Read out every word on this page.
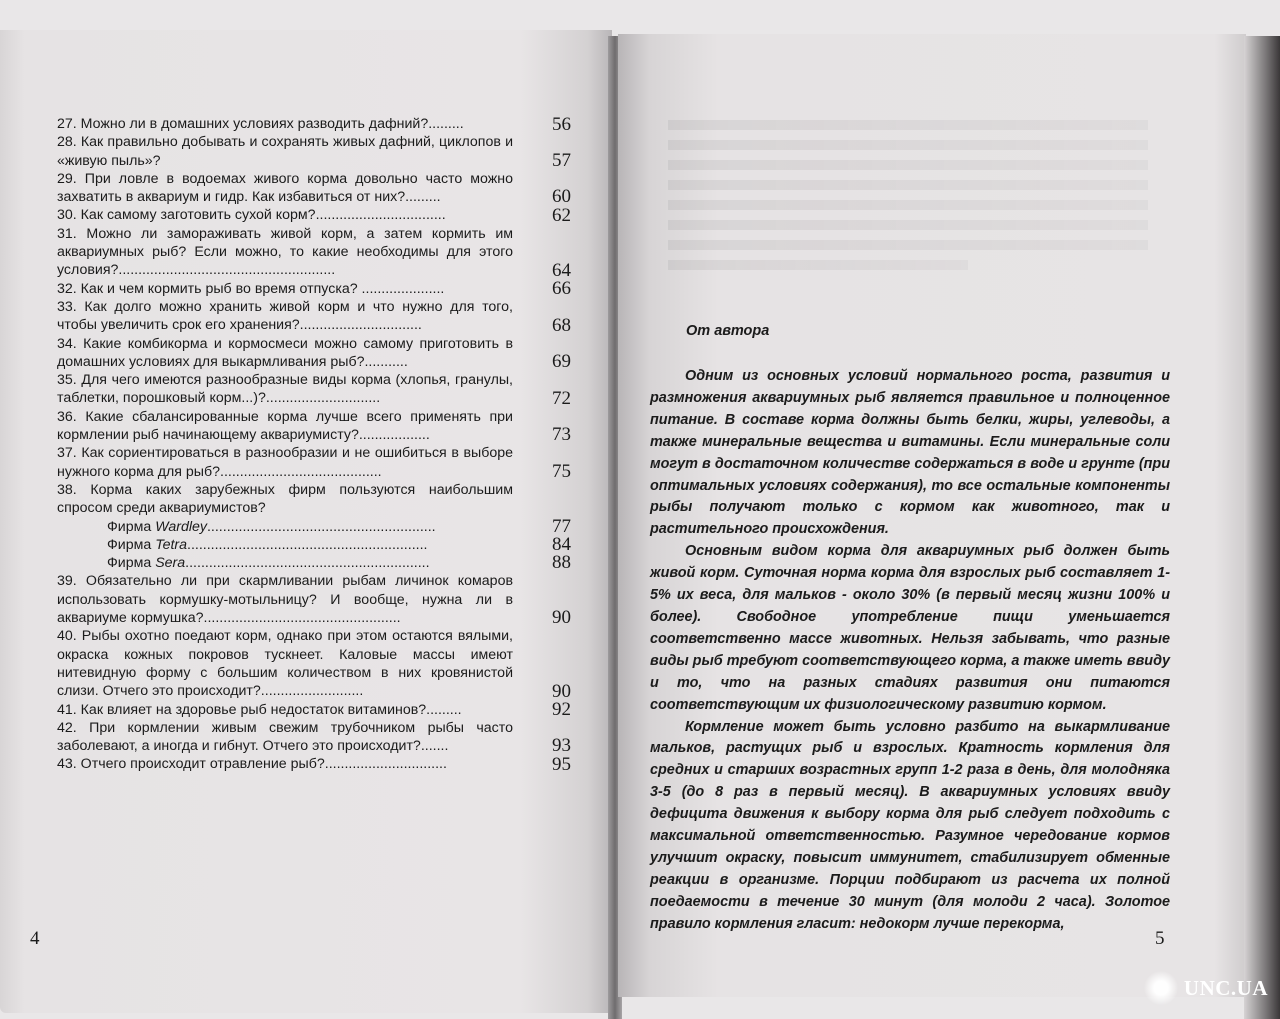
27. Можно ли в домашних условиях разводить дафний?.........	56
28. Как правильно добывать и сохранять живых дафний, циклопов и «живую пыль»?	57
29. При ловле в водоемах живого корма довольно часто можно захватить в аквариум и гидр. Как избавиться от них?.........	60
30. Как самому заготовить сухой корм?.................................	62
31. Можно ли замораживать живой корм, а затем кормить им аквариумных рыб? Если можно, то какие необходимы для этого условия?.......................................................	64
32. Как и чем кормить рыб во время отпуска? .....................	66
33. Как долго можно хранить живой корм и что нужно для того, чтобы увеличить срок его хранения?...............................	68
34. Какие комбикорма и кормосмеси можно самому приготовить в домашних условиях для выкармливания рыб?...........	69
35. Для чего имеются разнообразные виды корма (хлопья, гранулы, таблетки, порошковый корм...)?.............................	72
36. Какие сбалансированные корма лучше всего применять при кормлении рыб начинающему аквариумисту?..................	73
37. Как сориентироваться в разнообразии и не ошибиться в выборе нужного корма для рыб?.........................................	75
38. Корма каких зарубежных фирм пользуются наибольшим спросом среди аквариумистов?
Фирма Wardley..........................................................	77
Фирма Tetra.............................................................	84
Фирма Sera..............................................................	88
39. Обязательно ли при скармливании рыбам личинок комаров использовать кормушку-мотыльницу? И вообще, нужна ли в аквариуме кормушка?..................................................	90
40. Рыбы охотно поедают корм, однако при этом остаются вялыми, окраска кожных покровов тускнеет. Каловые массы имеют нитевидную форму с большим количеством в них кровянистой слизи. Отчего это происходит?..........................	90
41. Как влияет на здоровье рыб недостаток витаминов?.........	92
42. При кормлении живым свежим трубочником рыбы часто заболевают, а иногда и гибнут. Отчего это происходит?.......	93
43. Отчего происходит отравление рыб?...............................	95
4
От автора

Одним из основных условий нормального роста, развития и размножения аквариумных рыб является правильное и полноценное питание. В составе корма должны быть белки, жиры, углеводы, а также минеральные вещества и витамины. Если минеральные соли могут в достаточном количестве содержаться в воде и грунте (при оптимальных условиях содержания), то все остальные компоненты рыбы получают только с кормом как животного, так и растительного происхождения.

Основным видом корма для аквариумных рыб должен быть живой корм. Суточная норма корма для взрослых рыб составляет 1-5% их веса, для мальков - около 30% (в первый месяц жизни 100% и более). Свободное употребление пищи уменьшается соответственно массе животных. Нельзя забывать, что разные виды рыб требуют соответствующего корма, а также иметь ввиду и то, что на разных стадиях развития они питаются соответствующим их физиологическому развитию кормом.

Кормление может быть условно разбито на выкармливание мальков, растущих рыб и взрослых. Кратность кормления для средних и старших возрастных групп 1-2 раза в день, для молодняка 3-5 (до 8 раз в первый месяц). В аквариумных условиях ввиду дефицита движения к выбору корма для рыб следует подходить с максимальной ответственностью. Разумное чередование кормов улучшит окраску, повысит иммунитет, стабилизирует обменные реакции в организме. Порции подбирают из расчета их полной поедаемости в течение 30 минут (для молоди 2 часа). Золотое правило кормления гласит: недокорм лучше перекорма,

5
UNC.UA
